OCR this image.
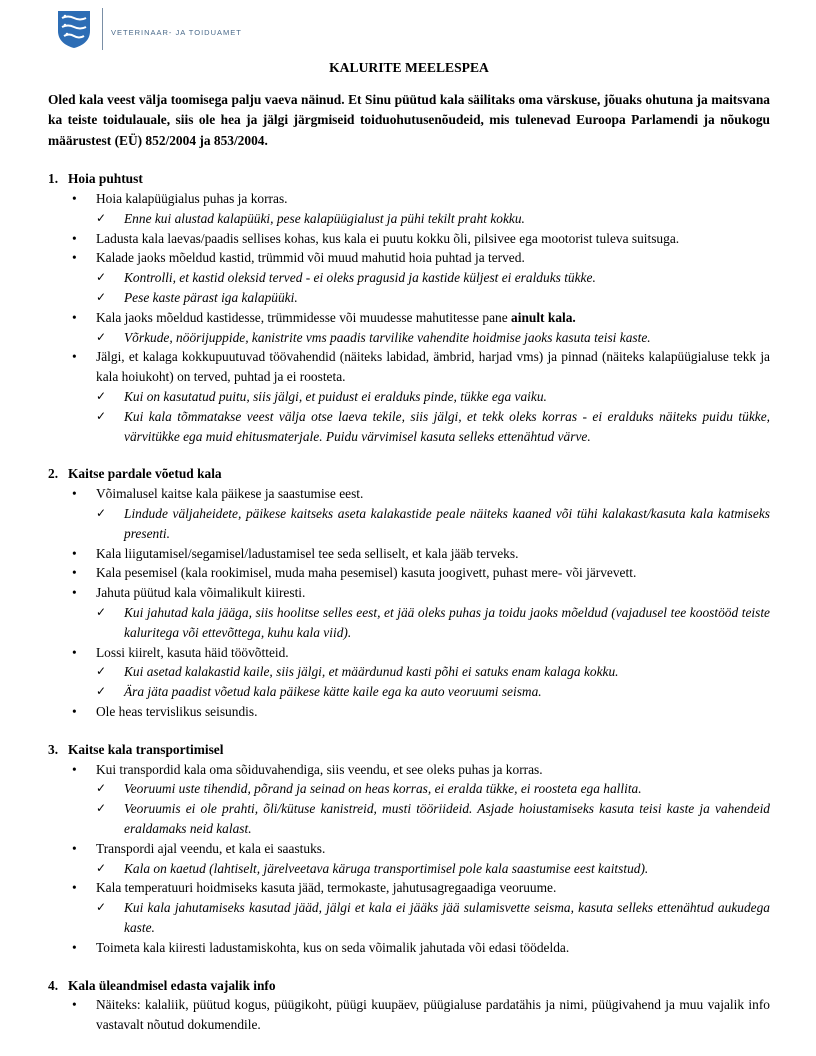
VETERINAAR- JA TOIDUAMET
KALURITE MEELESPEA
Oled kala veest välja toomisega palju vaeva näinud. Et Sinu püütud kala säilitaks oma värskuse, jõuaks ohutuna ja maitsvana ka teiste toidulauale, siis ole hea ja jälgi järgmiseid toiduohutusenõudeid, mis tulenevad Euroopa Parlamendi ja nõukogu määrustest (EÜ) 852/2004 ja 853/2004.
1. Hoia puhtust
• Hoia kalapüügialus puhas ja korras.
✓ Enne kui alustad kalapüüki, pese kalapüügialust ja pühi tekilt praht kokku.
• Ladusta kala laevas/paadis sellises kohas, kus kala ei puutu kokku õli, pilsivee ega mootorist tuleva suitsuga.
• Kalade jaoks mõeldud kastid, trümmid või muud mahutid hoia puhtad ja terved.
✓ Kontrolli, et kastid oleksid terved - ei oleks pragusid ja kastide küljest ei eralduks tükke.
✓ Pese kaste pärast iga kalapüüki.
• Kala jaoks mõeldud kastidesse, trümmidesse või muudesse mahutitesse pane ainult kala.
✓ Võrkude, nöörijuppide, kanistrite vms paadis tarvilike vahendite hoidmise jaoks kasuta teisi kaste.
• Jälgi, et kalaga kokkupuutuvad töövahendid (näiteks labidad, ämbrid, harjad vms) ja pinnad (näiteks kalapüügialuse tekk ja kala hoiukoht) on terved, puhtad ja ei roosteta.
✓ Kui on kasutatud puitu, siis jälgi, et puidust ei eralduks pinde, tükke ega vaiku.
✓ Kui kala tõmmatakse veest välja otse laeva tekile, siis jälgi, et tekk oleks korras - ei eralduks näiteks puidu tükke, värvitükke ega muid ehitusmaterjale. Puidu värvimisel kasuta selleks ettenähtud värve.
2. Kaitse pardale võetud kala
• Võimalusel kaitse kala päikese ja saastumise eest.
✓ Lindude väljaheidete, päikese kaitseks aseta kalakastide peale näiteks kaaned või tühi kalakast/kasuta kala katmiseks presenti.
• Kala liigutamisel/segamisel/ladustamisel tee seda selliselt, et kala jääb terveks.
• Kala pesemisel (kala rookimisel, muda maha pesemisel) kasuta joogivett, puhast mere- või järvevett.
• Jahuta püütud kala võimalikult kiiresti.
✓ Kui jahutad kala jääga, siis hoolitse selles eest, et jää oleks puhas ja toidu jaoks mõeldud (vajadusel tee koostööd teiste kaluritega või ettevõttega, kuhu kala viid).
• Lossi kiirelt, kasuta häid töövõtteid.
✓ Kui asetad kalakastid kaile, siis jälgi, et määrdunud kasti põhi ei satuks enam kalaga kokku.
✓ Ära jäta paadist võetud kala päikese kätte kaile ega ka auto veoruumi seisma.
• Ole heas tervislikus seisundis.
3. Kaitse kala transportimisel
• Kui transpordid kala oma sõiduvahendiga, siis veendu, et see oleks puhas ja korras.
✓ Veoruumi uste tihendid, põrand ja seinad on heas korras, ei eralda tükke, ei roosteta ega hallita.
✓ Veoruumis ei ole prahti, õli/kütuse kanistreid, musti tööriideid. Asjade hoiustamiseks kasuta teisi kaste ja vahendeid eraldamaks neid kalast.
• Transpordi ajal veendu, et kala ei saastuks.
✓ Kala on kaetud (lahtiselt, järelveetava käruga transportimisel pole kala saastumise eest kaitstud).
• Kala temperatuuri hoidmiseks kasuta jääd, termokaste, jahutusagregaadiga veoruume.
✓ Kui kala jahutamiseks kasutad jääd, jälgi et kala ei jääks jää sulamisvette seisma, kasuta selleks ettenähtud aukudega kaste.
• Toimeta kala kiiresti ladustamiskohta, kus on seda võimalik jahutada või edasi töödelda.
4. Kala üleandmisel edasta vajalik info
• Näiteks: kalaliik, püütud kogus, püügikoht, püügi kuupäev, püügialuse pardatähis ja nimi, püügivahend ja muu vajalik info vastavalt nõutud dokumendile.
